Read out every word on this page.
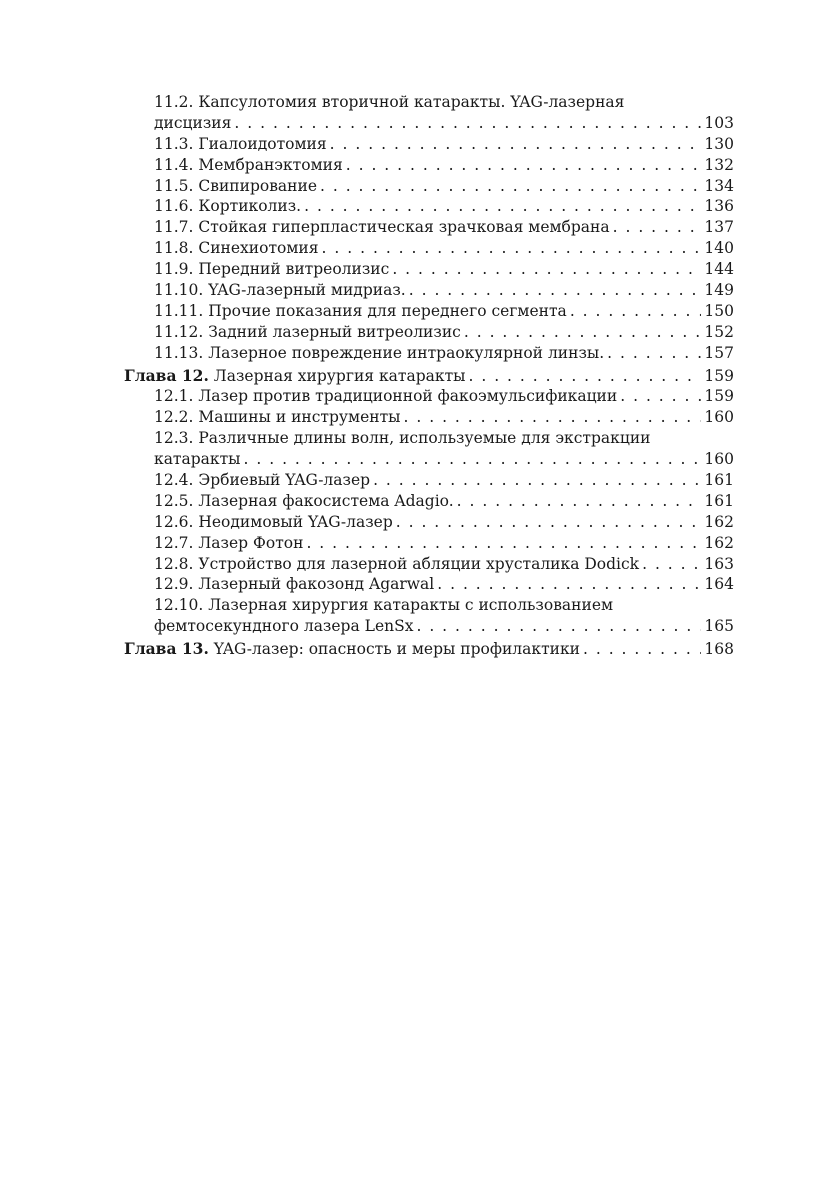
11.2. Капсулотомия вторичной катаракты. YAG-лазерная
дисцизия . . .	103
11.3. Гиалоидотомия . . .	130
11.4. Мембранэктомия . . .	132
11.5. Свипирование . . .	134
11.6. Кортиколиз. . . .	136
11.7. Стойкая гиперпластическая зрачковая мембрана . . .	137
11.8. Синехиотомия . . .	140
11.9. Передний витреолизис . . .	144
11.10. YAG-лазерный мидриаз. . . .	149
11.11. Прочие показания для переднего сегмента . . .	150
11.12. Задний лазерный витреолизис . . .	152
11.13. Лазерное повреждение интраокулярной линзы. . . .	157
Глава 12. Лазерная хирургия катаракты . . .	159
12.1. Лазер против традиционной факоэмульсификации . . .	159
12.2. Машины и инструменты . . .	160
12.3. Различные длины волн, используемые для экстракции
катаракты . . .	160
12.4. Эрбиевый YAG-лазер . . .	161
12.5. Лазерная факосистема Adagio. . . .	161
12.6. Неодимовый YAG-лазер . . .	162
12.7. Лазер Фотон . . .	162
12.8. Устройство для лазерной абляции хрусталика Dodick . . .	163
12.9. Лазерный факозонд Agarwal . . .	164
12.10. Лазерная хирургия катаракты с использованием
фемтосекундного лазера LenSx . . .	165
Глава 13. YAG-лазер: опасность и меры профилактики . . .	168
